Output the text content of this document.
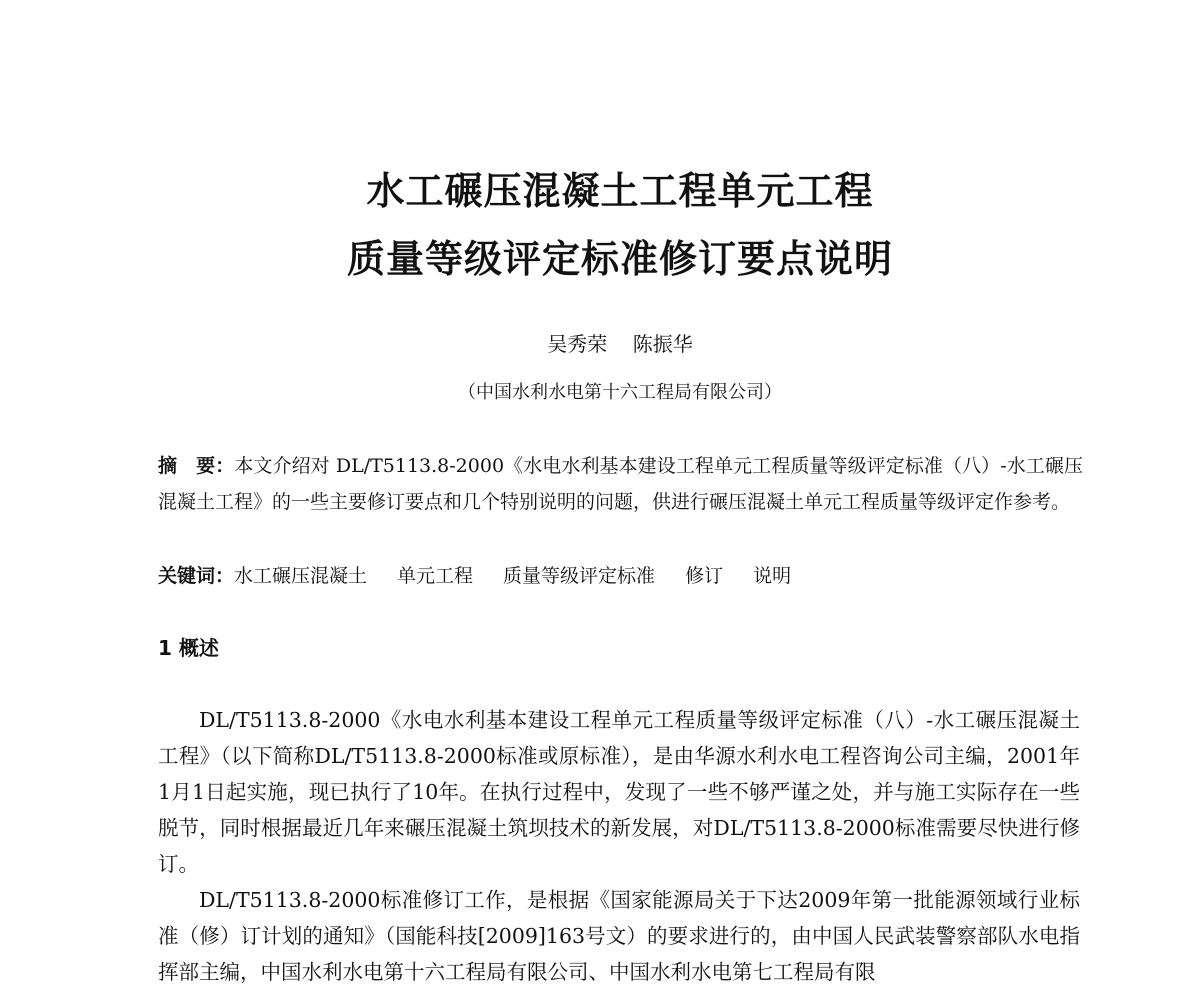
水工碾压混凝土工程单元工程
质量等级评定标准修订要点说明
吴秀荣    陈振华
（中国水利水电第十六工程局有限公司）
摘　要：本文介绍对 DL/T5113.8-2000《水电水利基本建设工程单元工程质量等级评定标准（八）-水工碾压混凝土工程》的一些主要修订要点和几个特别说明的问题，供进行碾压混凝土单元工程质量等级评定作参考。
关键词：水工碾压混凝土 单元工程 质量等级评定标准 修订 说明
1 概述

DL/T5113.8-2000《水电水利基本建设工程单元工程质量等级评定标准（八）-水工碾压混凝土工程》（以下简称DL/T5113.8-2000标准或原标准），是由华源水利水电工程咨询公司主编，2001年1月1日起实施，现已执行了10年。在执行过程中，发现了一些不够严谨之处，并与施工实际存在一些脱节，同时根据最近几年来碾压混凝土筑坝技术的新发展，对DL/T5113.8-2000标准需要尽快进行修订。

DL/T5113.8-2000标准修订工作，是根据《国家能源局关于下达2009年第一批能源领域行业标准（修）订计划的通知》（国能科技[2009]163号文）的要求进行的，由中国人民武装警察部队水电指挥部主编，中国水利水电第十六工程局有限公司、中国水利水电第七工程局有限
